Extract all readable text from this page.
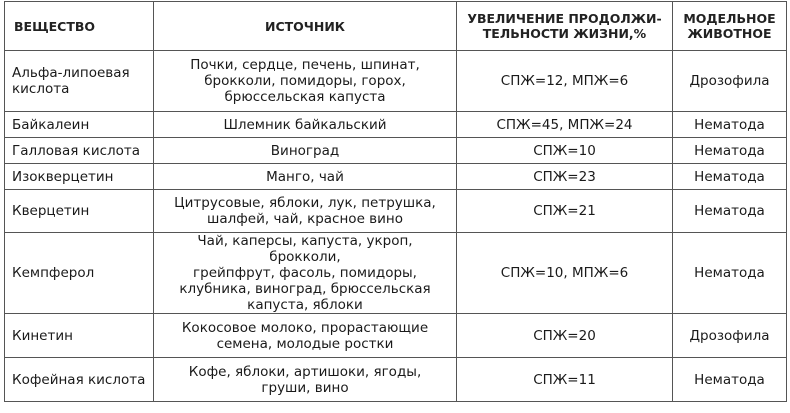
ВЕЩЕСТВО	ИСТОЧНИК	УВЕЛИЧЕНИЕ ПРОДОЛЖИ- ТЕЛЬНОСТИ ЖИЗНИ,%	МОДЕЛЬНОЕ ЖИВОТНОЕ
Альфа-липоевая кислота	Почки, сердце, печень, шпинат,
брокколи, помидоры, горох,
брюссельская капуста	СПЖ=12, МПЖ=6	Дрозофила
Байкалеин	Шлемник байкальский	СПЖ=45, МПЖ=24	Нематода
Галловая кислота	Виноград	СПЖ=10	Нематода
Изокверцетин	Манго, чай	СПЖ=23	Нематода
Кверцетин	Цитрусовые, яблоки, лук, петрушка,
шалфей, чай, красное вино	СПЖ=21	Нематода
Кемпферол	Чай, каперсы, капуста, укроп, брокколи,
грейпфрут, фасоль, помидоры,
клубника, виноград, брюссельская
капуста, яблоки	СПЖ=10, МПЖ=6	Нематода
Кинетин	Кокосовое молоко, прорастающие
семена, молодые ростки	СПЖ=20	Дрозофила
Кофейная кислота	Кофе, яблоки, артишоки, ягоды,
груши, вино	СПЖ=11	Нематода
